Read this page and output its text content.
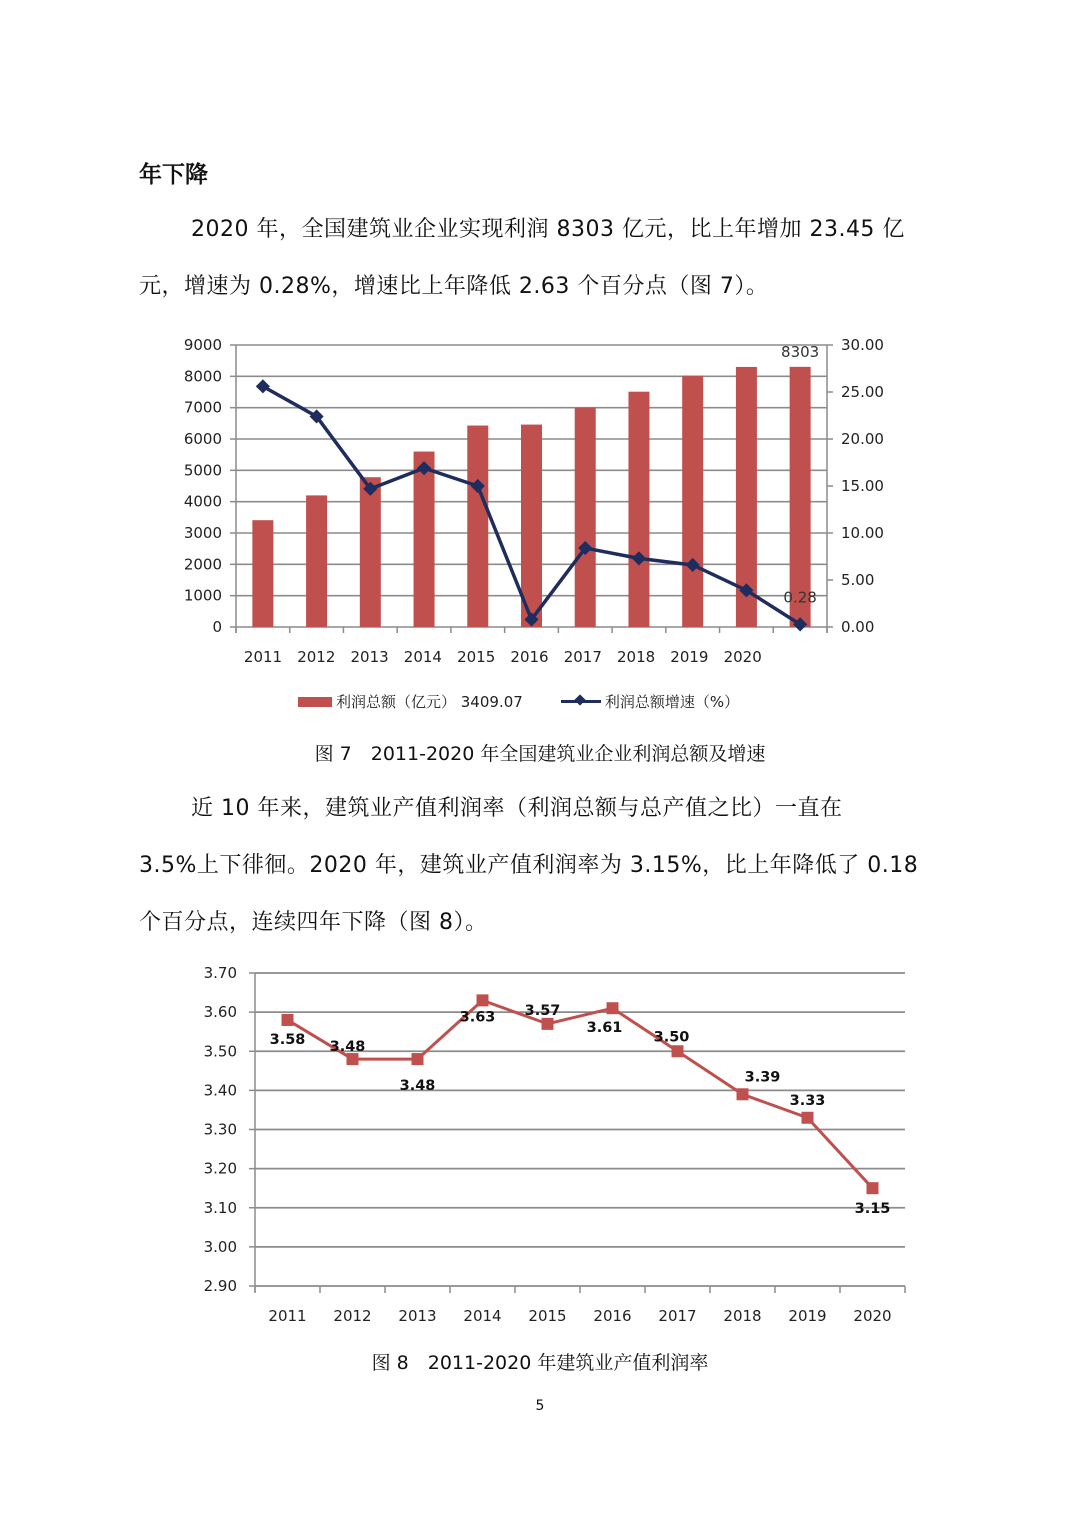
年下降
2020 年，全国建筑业企业实现利润 8303 亿元，比上年增加 23.45 亿
元，增速为 0.28%，增速比上年降低 2.63 个百分点（图 7）。
0
1000
2000
3000
4000
5000
6000
7000
8000
9000
0.00
5.00
10.00
15.00
20.00
25.00
30.00
2011 2012 2013 2014 2015 2016 2017 2018 2019 2020
8303
0.28
利润总额（亿元） 3409.07	利润总额增速（%）
图 7　2011-2020 年全国建筑业企业利润总额及增速
近 10 年来，建筑业产值利润率（利润总额与总产值之比）一直在
3.5%上下徘徊。2020 年，建筑业产值利润率为 3.15%，比上年降低了 0.18
个百分点，连续四年下降（图 8）。
2.90
3.00
3.10
3.20
3.30
3.40
3.50
3.60
3.70
2011 2012 2013 2014 2015 2016 2017 2018 2019 2020
3.58 3.48
3.48
3.63 3.57
3.61
3.50
3.39
3.33
3.15
图 8　2011-2020 年建筑业产值利润率
5
